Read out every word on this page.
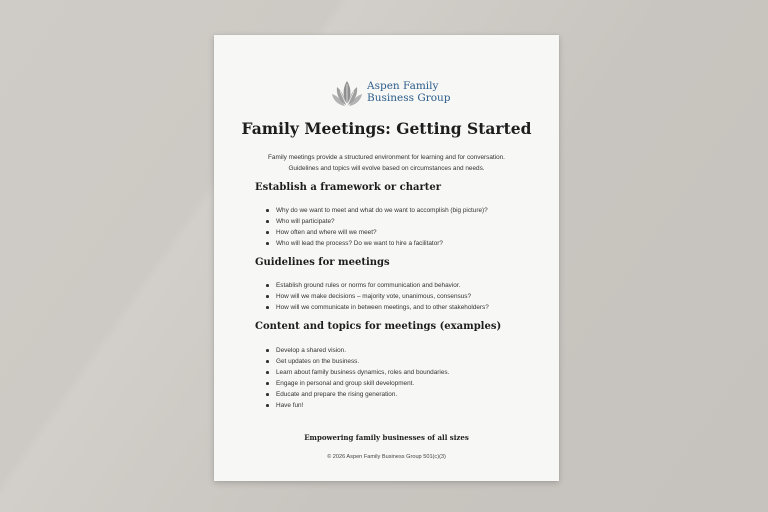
Aspen Family
Business Group
Family Meetings: Getting Started
Family meetings provide a structured environment for learning and for conversation.
Guidelines and topics will evolve based on circumstances and needs.
Establish a framework or charter
Why do we want to meet and what do we want to accomplish (big picture)?
Who will participate?
How often and where will we meet?
Who will lead the process? Do we want to hire a facilitator?
Guidelines for meetings
Establish ground rules or norms for communication and behavior.
How will we make decisions – majority vote, unanimous, consensus?
How will we communicate in between meetings, and to other stakeholders?
Content and topics for meetings (examples)
Develop a shared vision.
Get updates on the business.
Learn about family business dynamics, roles and boundaries.
Engage in personal and group skill development.
Educate and prepare the rising generation.
Have fun!
Empowering family businesses of all sizes
© 2026 Aspen Family Business Group 501(c)(3)
